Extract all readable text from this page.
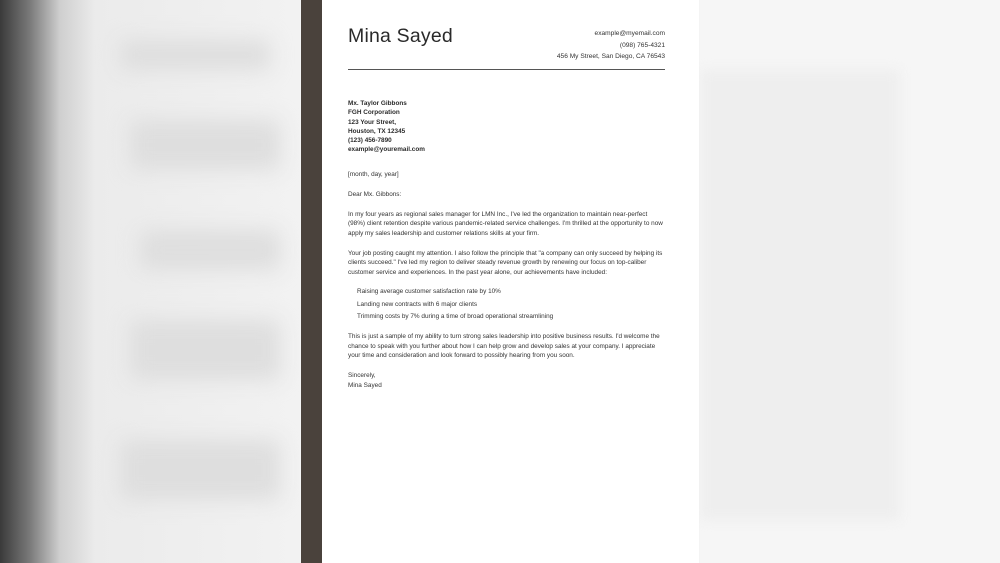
Mina Sayed	example@myemail.com
(098) 765-4321
456 My Street, San Diego, CA 76543
Mx. Taylor Gibbons
FGH Corporation
123 Your Street,
Houston, TX 12345
(123) 456-7890
example@youremail.com
[month, day, year]
Dear Mx. Gibbons:

In my four years as regional sales manager for LMN Inc., I've led the organization to maintain near-perfect (98%) client retention despite various pandemic-related service challenges. I'm thrilled at the opportunity to now apply my sales leadership and customer relations skills at your firm.

Your job posting caught my attention. I also follow the principle that "a company can only succeed by helping its clients succeed." I've led my region to deliver steady revenue growth by renewing our focus on top-caliber customer service and experiences. In the past year alone, our achievements have included:

Raising average customer satisfaction rate by 10%
Landing new contracts with 6 major clients
Trimming costs by 7% during a time of broad operational streamlining

This is just a sample of my ability to turn strong sales leadership into positive business results. I'd welcome the chance to speak with you further about how I can help grow and develop sales at your company. I appreciate your time and consideration and look forward to possibly hearing from you soon.

Sincerely,
Mina Sayed
